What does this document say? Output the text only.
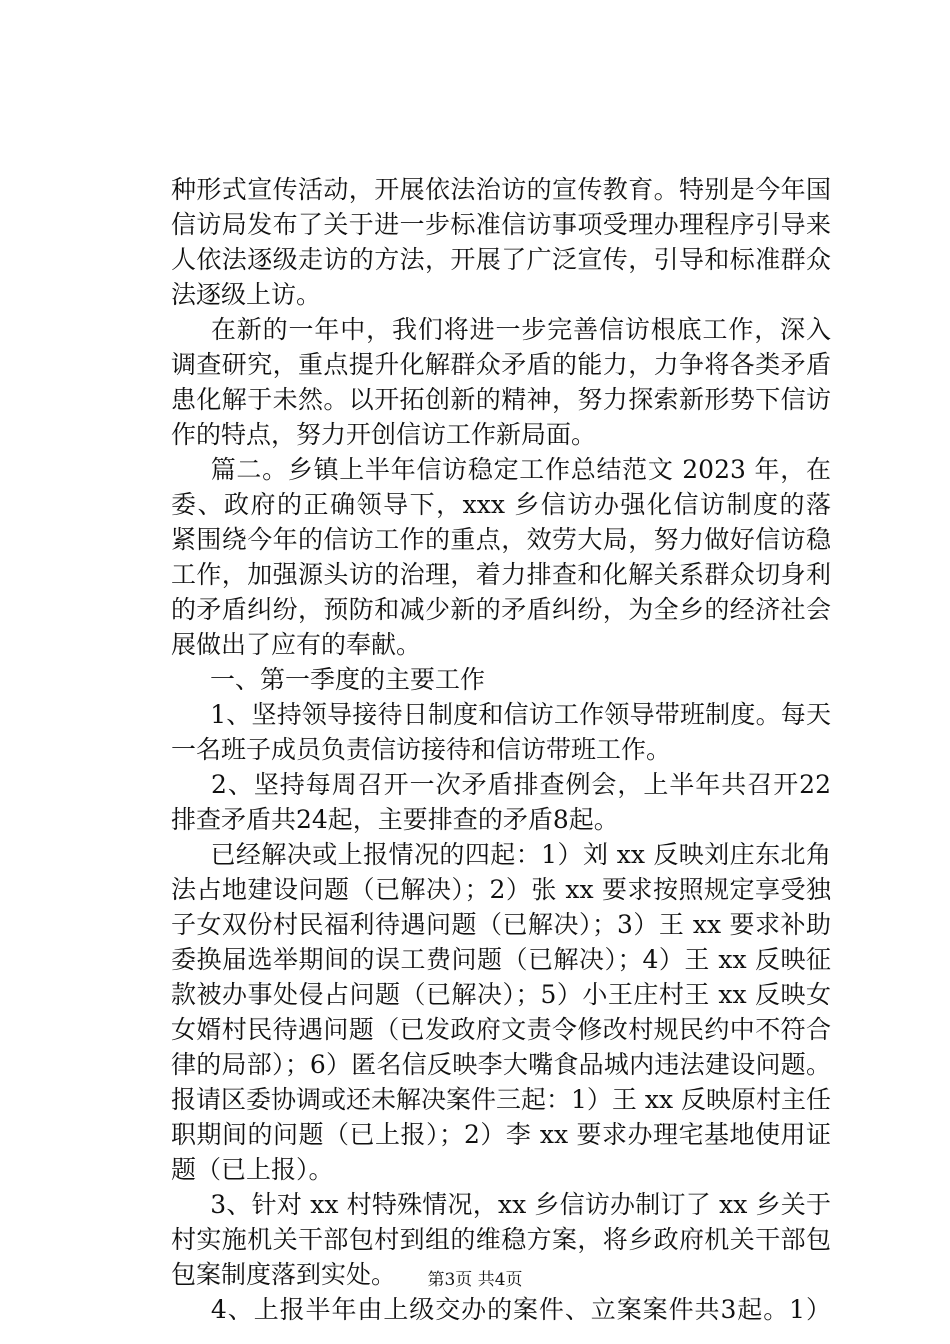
种形式宣传活动，开展依法治访的宣传教育。特别是今年国
信访局发布了关于进一步标准信访事项受理办理程序引导来
人依法逐级走访的方法，开展了广泛宣传，引导和标准群众
法逐级上访。
　在新的一年中，我们将进一步完善信访根底工作，深入
调查研究，重点提升化解群众矛盾的能力，力争将各类矛盾
患化解于未然。以开拓创新的精神，努力探索新形势下信访
作的特点，努力开创信访工作新局面。
　篇二。乡镇上半年信访稳定工作总结范文 2023 年，在
委、政府的正确领导下，xxx 乡信访办强化信访制度的落
紧围绕今年的信访工作的重点，效劳大局，努力做好信访稳
工作，加强源头访的治理，着力排查和化解关系群众切身利
的矛盾纠纷，预防和减少新的矛盾纠纷，为全乡的经济社会
展做出了应有的奉献。
　一、第一季度的主要工作
　1、坚持领导接待日制度和信访工作领导带班制度。每天
一名班子成员负责信访接待和信访带班工作。
　2、坚持每周召开一次矛盾排查例会，上半年共召开22
排查矛盾共24起，主要排查的矛盾8起。
　已经解决或上报情况的四起：1）刘 xx 反映刘庄东北角
法占地建设问题（已解决）；2）张 xx 要求按照规定享受独
子女双份村民福利待遇问题（已解决）；3）王 xx 要求补助
委换届选举期间的误工费问题（已解决）；4）王 xx 反映征
款被办事处侵占问题（已解决）；5）小王庄村王 xx 反映女
女婿村民待遇问题（已发政府文责令修改村规民约中不符合
律的局部）；6）匿名信反映李大嘴食品城内违法建设问题。
报请区委协调或还未解决案件三起：1）王 xx 反映原村主任
职期间的问题（已上报）；2）李 xx 要求办理宅基地使用证
题（已上报）。
　3、针对 xx 村特殊情况，xx 乡信访办制订了 xx 乡关于
村实施机关干部包村到组的维稳方案，将乡政府机关干部包
包案制度落到实处。
　4、上报半年由上级交办的案件、立案案件共3起。1）
第3页 共4页
